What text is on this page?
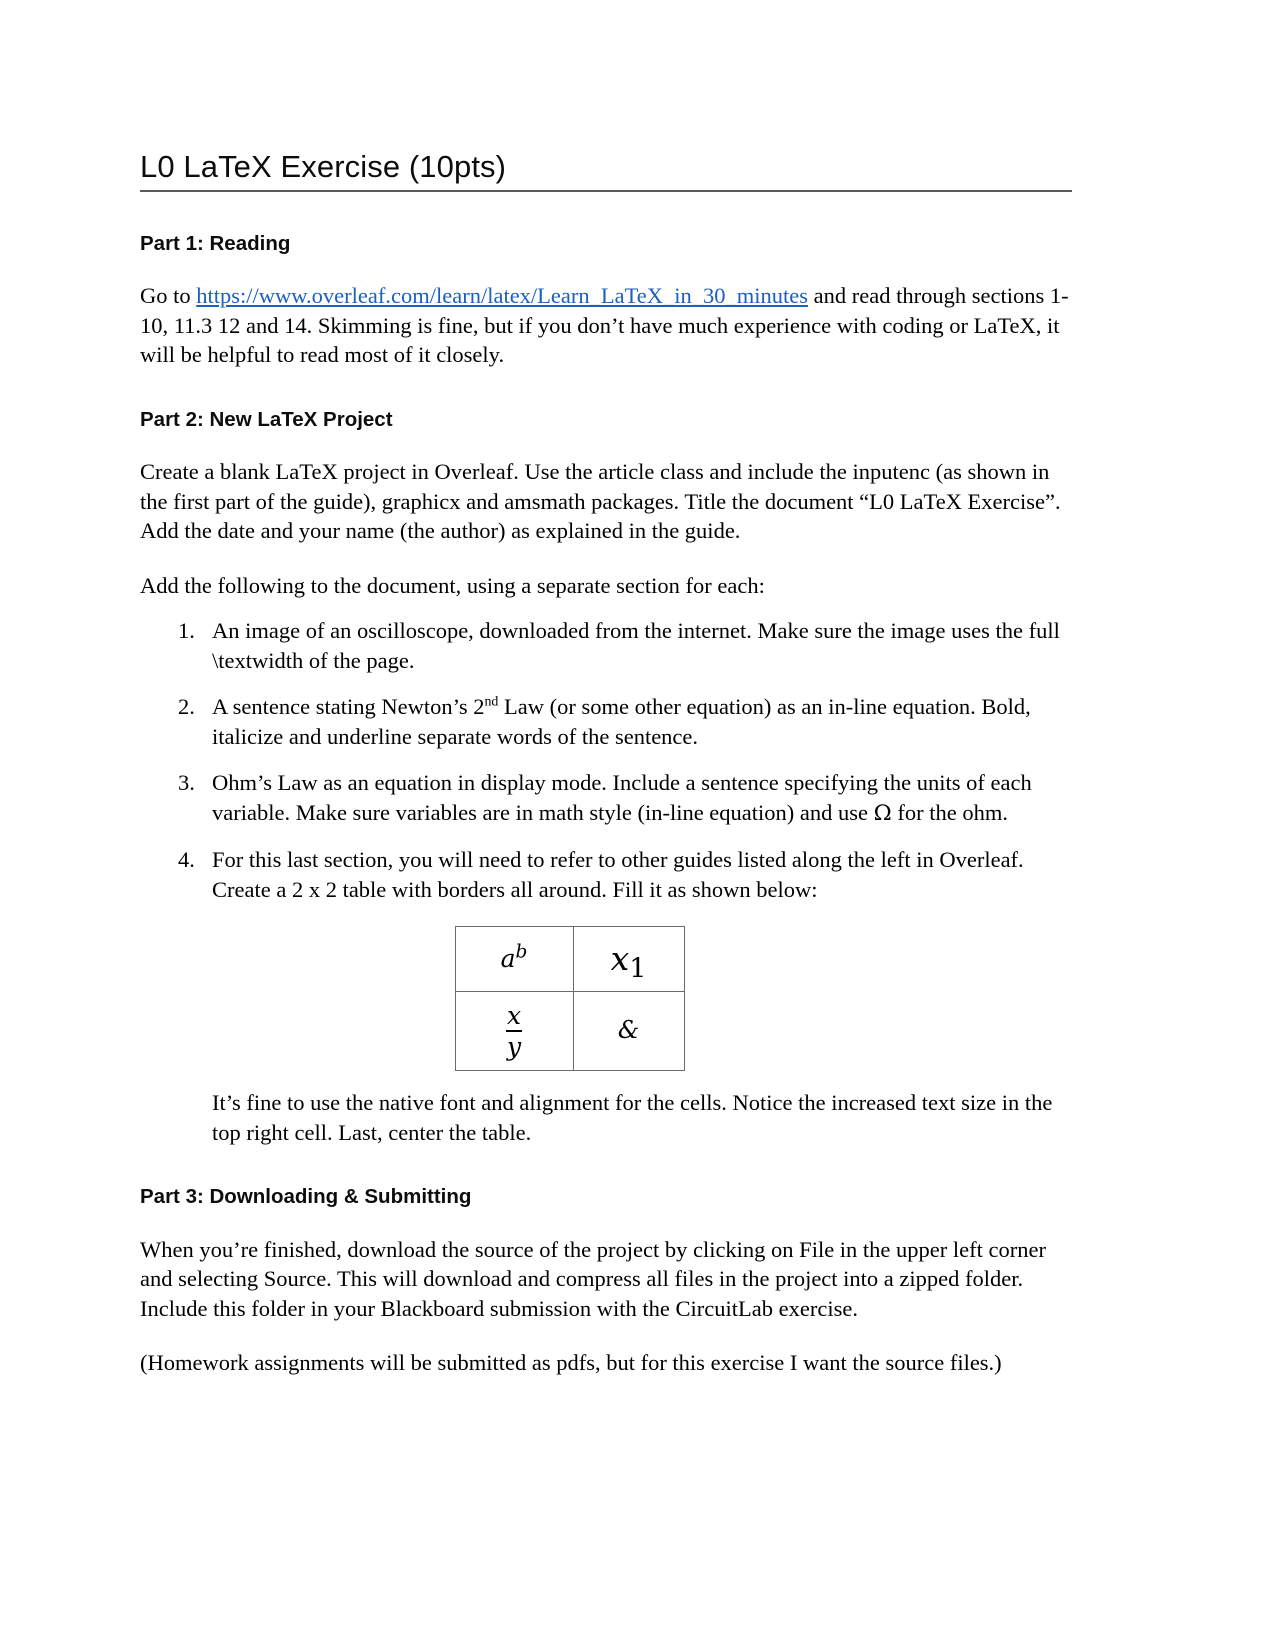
L0 LaTeX Exercise (10pts)
Part 1: Reading

Go to https://www.overleaf.com/learn/latex/Learn_LaTeX_in_30_minutes and read through sections 1-10, 11.3 12 and 14. Skimming is fine, but if you don’t have much experience with coding or LaTeX, it will be helpful to read most of it closely.

Part 2: New LaTeX Project

Create a blank LaTeX project in Overleaf. Use the article class and include the inputenc (as shown in the first part of the guide), graphicx and amsmath packages. Title the document “L0 LaTeX Exercise”. Add the date and your name (the author) as explained in the guide.

Add the following to the document, using a separate section for each:

An image of an oscilloscope, downloaded from the internet. Make sure the image uses the full \textwidth of the page.
A sentence stating Newton’s 2nd Law (or some other equation) as an in-line equation. Bold, italicize and underline separate words of the sentence.
Ohm’s Law as an equation in display mode. Include a sentence specifying the units of each variable. Make sure variables are in math style (in-line equation) and use Ω for the ohm.
For this last section, you will need to refer to other guides listed along the left in Overleaf. Create a 2 x 2 table with borders all around. Fill it as shown below:
$a^b$	$x_1$

$\frac{x}{y}$	&

It’s fine to use the native font and alignment for the cells. Notice the increased text size in the top right cell. Last, center the table.

Part 3: Downloading & Submitting

When you’re finished, download the source of the project by clicking on File in the upper left corner and selecting Source. This will download and compress all files in the project into a zipped folder. Include this folder in your Blackboard submission with the CircuitLab exercise.

(Homework assignments will be submitted as pdfs, but for this exercise I want the source files.)
